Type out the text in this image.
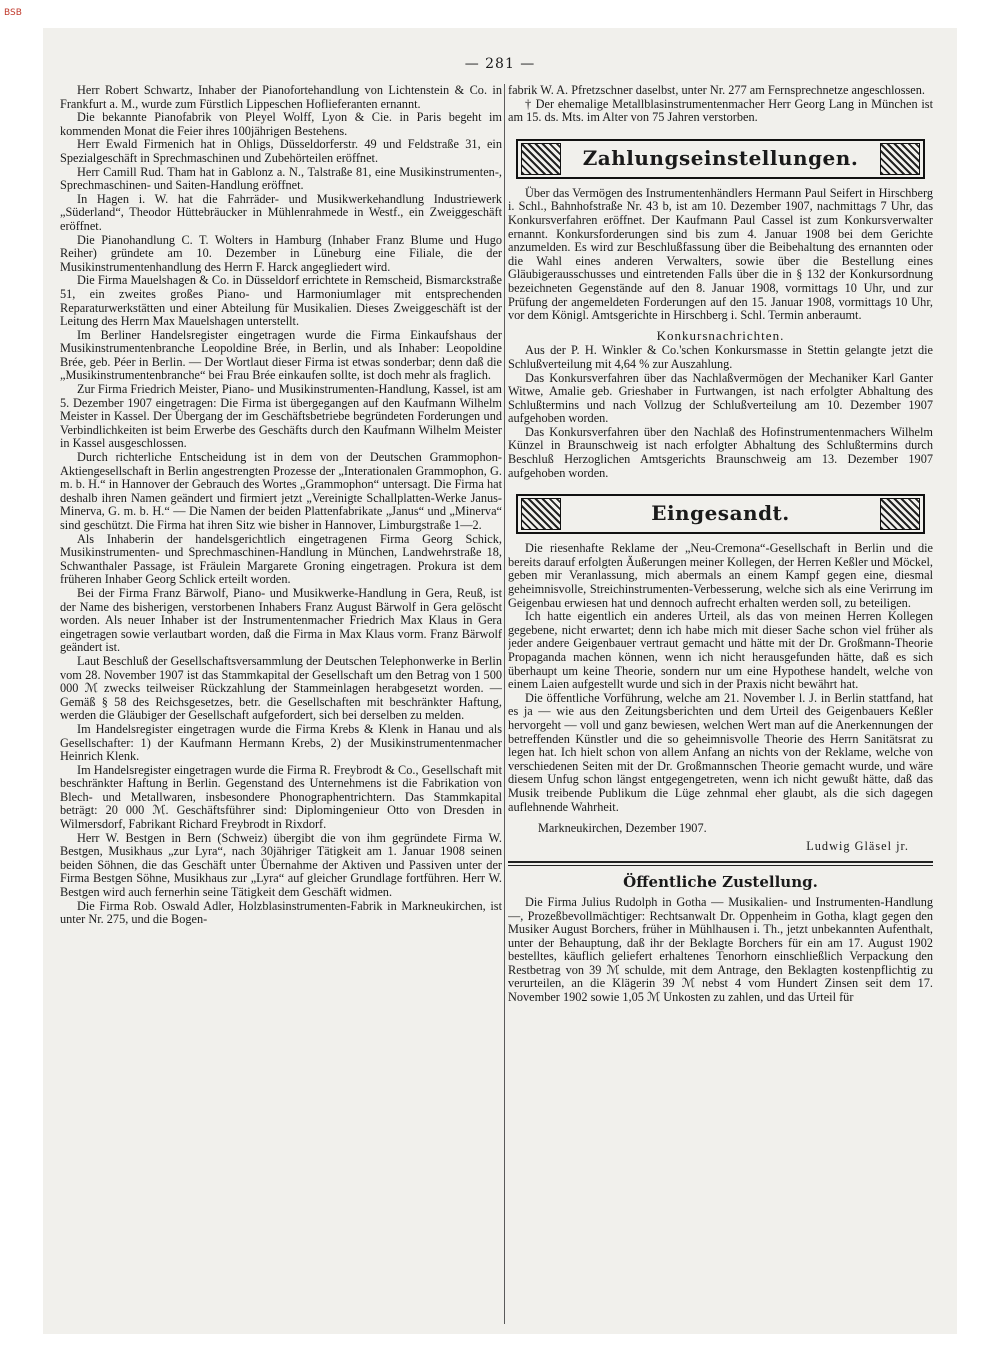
BSB
— 281 —

Herr Robert Schwartz, Inhaber der Pianofortehandlung von Lichtenstein & Co. in Frankfurt a. M., wurde zum Fürstlich Lippeschen Hoflieferanten ernannt.

Die bekannte Pianofabrik von Pleyel Wolff, Lyon & Cie. in Paris begeht im kommenden Monat die Feier ihres 100jährigen Bestehens.

Herr Ewald Firmenich hat in Ohligs, Düsseldorferstr. 49 und Feldstraße 31, ein Spezialgeschäft in Sprechmaschinen und Zubehörteilen eröffnet.

Herr Camill Rud. Tham hat in Gablonz a. N., Talstraße 81, eine Musikinstrumenten-, Sprechmaschinen- und Saiten-Handlung eröffnet.

In Hagen i. W. hat die Fahrräder- und Musikwerkehandlung Industriewerk „Süderland“, Theodor Hüttebräucker in Mühlenrahmede in Westf., ein Zweiggeschäft eröffnet.

Die Pianohandlung C. T. Wolters in Hamburg (Inhaber Franz Blume und Hugo Reiher) gründete am 10. Dezember in Lüneburg eine Filiale, die der Musikinstrumentenhandlung des Herrn F. Harck angegliedert wird.

Die Firma Mauelshagen & Co. in Düsseldorf errichtete in Remscheid, Bismarckstraße 51, ein zweites großes Piano- und Harmoniumlager mit entsprechenden Reparaturwerkstätten und einer Abteilung für Musikalien. Dieses Zweiggeschäft ist der Leitung des Herrn Max Mauelshagen unterstellt.

Im Berliner Handelsregister eingetragen wurde die Firma Einkaufshaus der Musikinstrumentenbranche Leopoldine Brée, in Berlin, und als Inhaber: Leopoldine Brée, geb. Péer in Berlin. — Der Wortlaut dieser Firma ist etwas sonderbar; denn daß die „Musikinstrumentenbranche“ bei Frau Brée einkaufen sollte, ist doch mehr als fraglich.

Zur Firma Friedrich Meister, Piano- und Musikinstrumenten-Handlung, Kassel, ist am 5. Dezember 1907 eingetragen: Die Firma ist übergegangen auf den Kaufmann Wilhelm Meister in Kassel. Der Übergang der im Geschäftsbetriebe begründeten Forderungen und Verbindlichkeiten ist beim Erwerbe des Geschäfts durch den Kaufmann Wilhelm Meister in Kassel ausgeschlossen.

Durch richterliche Entscheidung ist in dem von der Deutschen Grammophon-Aktiengesellschaft in Berlin angestrengten Prozesse der „Interationalen Grammophon, G. m. b. H.“ in Hannover der Gebrauch des Wortes „Grammophon“ untersagt. Die Firma hat deshalb ihren Namen geändert und firmiert jetzt „Vereinigte Schallplatten-Werke Janus-Minerva, G. m. b. H.“ — Die Namen der beiden Plattenfabrikate „Janus“ und „Minerva“ sind geschützt. Die Firma hat ihren Sitz wie bisher in Hannover, Limburgstraße 1—2.

Als Inhaberin der handelsgerichtlich eingetragenen Firma Georg Schick, Musikinstrumenten- und Sprechmaschinen-Handlung in München, Landwehrstraße 18, Schwanthaler Passage, ist Fräulein Margarete Groning eingetragen. Prokura ist dem früheren Inhaber Georg Schlick erteilt worden.

Bei der Firma Franz Bärwolf, Piano- und Musikwerke-Handlung in Gera, Reuß, ist der Name des bisherigen, verstorbenen Inhabers Franz August Bärwolf in Gera gelöscht worden. Als neuer Inhaber ist der Instrumentenmacher Friedrich Max Klaus in Gera eingetragen sowie verlautbart worden, daß die Firma in Max Klaus vorm. Franz Bärwolf geändert ist.

Laut Beschluß der Gesellschaftsversammlung der Deutschen Telephonwerke in Berlin vom 28. November 1907 ist das Stammkapital der Gesellschaft um den Betrag von 1 500 000 ℳ zwecks teilweiser Rückzahlung der Stammeinlagen herabgesetzt worden. — Gemäß § 58 des Reichsgesetzes, betr. die Gesellschaften mit beschränkter Haftung, werden die Gläubiger der Gesellschaft aufgefordert, sich bei derselben zu melden.

Im Handelsregister eingetragen wurde die Firma Krebs & Klenk in Hanau und als Gesellschafter: 1) der Kaufmann Hermann Krebs, 2) der Musikinstrumentenmacher Heinrich Klenk.

Im Handelsregister eingetragen wurde die Firma R. Freybrodt & Co., Gesellschaft mit beschränkter Haftung in Berlin. Gegenstand des Unternehmens ist die Fabrikation von Blech- und Metallwaren, insbesondere Phonographentrichtern. Das Stammkapital beträgt: 20 000 ℳ. Geschäftsführer sind: Diplomingenieur Otto von Dresden in Wilmersdorf, Fabrikant Richard Freybrodt in Rixdorf.

Herr W. Bestgen in Bern (Schweiz) übergibt die von ihm gegründete Firma W. Bestgen, Musikhaus „zur Lyra“, nach 30jähriger Tätigkeit am 1. Januar 1908 seinen beiden Söhnen, die das Geschäft unter Übernahme der Aktiven und Passiven unter der Firma Bestgen Söhne, Musikhaus zur „Lyra“ auf gleicher Grundlage fortführen. Herr W. Bestgen wird auch fernerhin seine Tätigkeit dem Geschäft widmen.

Die Firma Rob. Oswald Adler, Holzblasinstrumenten-Fabrik in Markneukirchen, ist unter Nr. 275, und die Bogen-

fabrik W. A. Pfretzschner daselbst, unter Nr. 277 am Fernsprechnetze angeschlossen.

† Der ehemalige Metallblasinstrumentenmacher Herr Georg Lang in München ist am 15. ds. Mts. im Alter von 75 Jahren verstorben.

Zahlungseinstellungen.

Über das Vermögen des Instrumentenhändlers Hermann Paul Seifert in Hirschberg i. Schl., Bahnhofstraße Nr. 43 b, ist am 10. Dezember 1907, nachmittags 7 Uhr, das Konkursverfahren eröffnet. Der Kaufmann Paul Cassel ist zum Konkursverwalter ernannt. Konkursforderungen sind bis zum 4. Januar 1908 bei dem Gerichte anzumelden. Es wird zur Beschlußfassung über die Beibehaltung des ernannten oder die Wahl eines anderen Verwalters, sowie über die Bestellung eines Gläubigerausschusses und eintretenden Falls über die in § 132 der Konkursordnung bezeichneten Gegenstände auf den 8. Januar 1908, vormittags 10 Uhr, und zur Prüfung der angemeldeten Forderungen auf den 15. Januar 1908, vormittags 10 Uhr, vor dem Königl. Amtsgerichte in Hirschberg i. Schl. Termin anberaumt.

Konkursnachrichten.

Aus der P. H. Winkler & Co.'schen Konkursmasse in Stettin gelangte jetzt die Schlußverteilung mit 4,64 % zur Auszahlung.

Das Konkursverfahren über das Nachlaßvermögen der Mechaniker Karl Ganter Witwe, Amalie geb. Grieshaber in Furtwangen, ist nach erfolgter Abhaltung des Schlußtermins und nach Vollzug der Schlußverteilung am 10. Dezember 1907 aufgehoben worden.

Das Konkursverfahren über den Nachlaß des Hofinstrumentenmachers Wilhelm Künzel in Braunschweig ist nach erfolgter Abhaltung des Schlußtermins durch Beschluß Herzoglichen Amtsgerichts Braunschweig am 13. Dezember 1907 aufgehoben worden.

Eingesandt.

Die riesenhafte Reklame der „Neu-Cremona“-Gesellschaft in Berlin und die bereits darauf erfolgten Äußerungen meiner Kollegen, der Herren Keßler und Möckel, geben mir Veranlassung, mich abermals an einem Kampf gegen eine, diesmal geheimnisvolle, Streichinstrumenten-Verbesserung, welche sich als eine Verirrung im Geigenbau erwiesen hat und dennoch aufrecht erhalten werden soll, zu beteiligen.

Ich hatte eigentlich ein anderes Urteil, als das von meinen Herren Kollegen gegebene, nicht erwartet; denn ich habe mich mit dieser Sache schon viel früher als jeder andere Geigenbauer vertraut gemacht und hätte mit der Dr. Großmann-Theorie Propaganda machen können, wenn ich nicht herausgefunden hätte, daß es sich überhaupt um keine Theorie, sondern nur um eine Hypothese handelt, welche von einem Laien aufgestellt wurde und sich in der Praxis nicht bewährt hat.

Die öffentliche Vorführung, welche am 21. November l. J. in Berlin stattfand, hat es ja — wie aus den Zeitungsberichten und dem Urteil des Geigenbauers Keßler hervorgeht — voll und ganz bewiesen, welchen Wert man auf die Anerkennungen der betreffenden Künstler und die so geheimnisvolle Theorie des Herrn Sanitätsrat zu legen hat. Ich hielt schon von allem Anfang an nichts von der Reklame, welche von verschiedenen Seiten mit der Dr. Großmannschen Theorie gemacht wurde, und wäre diesem Unfug schon längst entgegengetreten, wenn ich nicht gewußt hätte, daß das Musik treibende Publikum die Lüge zehnmal eher glaubt, als die sich dagegen auflehnende Wahrheit.

Markneukirchen, Dezember 1907.

Ludwig Gläsel jr.
Öffentliche Zustellung.

Die Firma Julius Rudolph in Gotha — Musikalien- und Instrumenten-Handlung —, Prozeßbevollmächtiger: Rechtsanwalt Dr. Oppenheim in Gotha, klagt gegen den Musiker August Borchers, früher in Mühlhausen i. Th., jetzt unbekannten Aufenthalt, unter der Behauptung, daß ihr der Beklagte Borchers für ein am 17. August 1902 bestelltes, käuflich geliefert erhaltenes Tenorhorn einschließlich Verpackung den Restbetrag von 39 ℳ schulde, mit dem Antrage, den Beklagten kostenpflichtig zu verurteilen, an die Klägerin 39 ℳ nebst 4 vom Hundert Zinsen seit dem 17. November 1902 sowie 1,05 ℳ Unkosten zu zahlen, und das Urteil für
